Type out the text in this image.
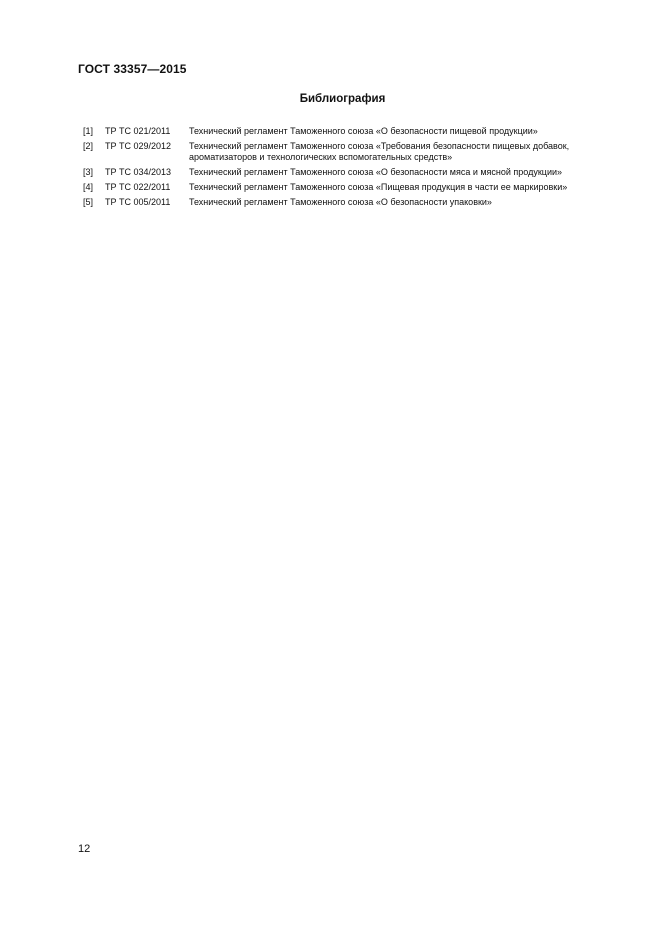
ГОСТ 33357—2015
Библиография
[1] ТР ТС 021/2011 Технический регламент Таможенного союза «О безопасности пищевой продукции»
[2] ТР ТС 029/2012 Технический регламент Таможенного союза «Требования безопасности пищевых добавок, ароматизаторов и технологических вспомогательных средств»
[3] ТР ТС 034/2013 Технический регламент Таможенного союза «О безопасности мяса и мясной продукции»
[4] ТР ТС 022/2011 Технический регламент Таможенного союза «Пищевая продукция в части ее маркировки»
[5] ТР ТС 005/2011 Технический регламент Таможенного союза «О безопасности упаковки»
12
